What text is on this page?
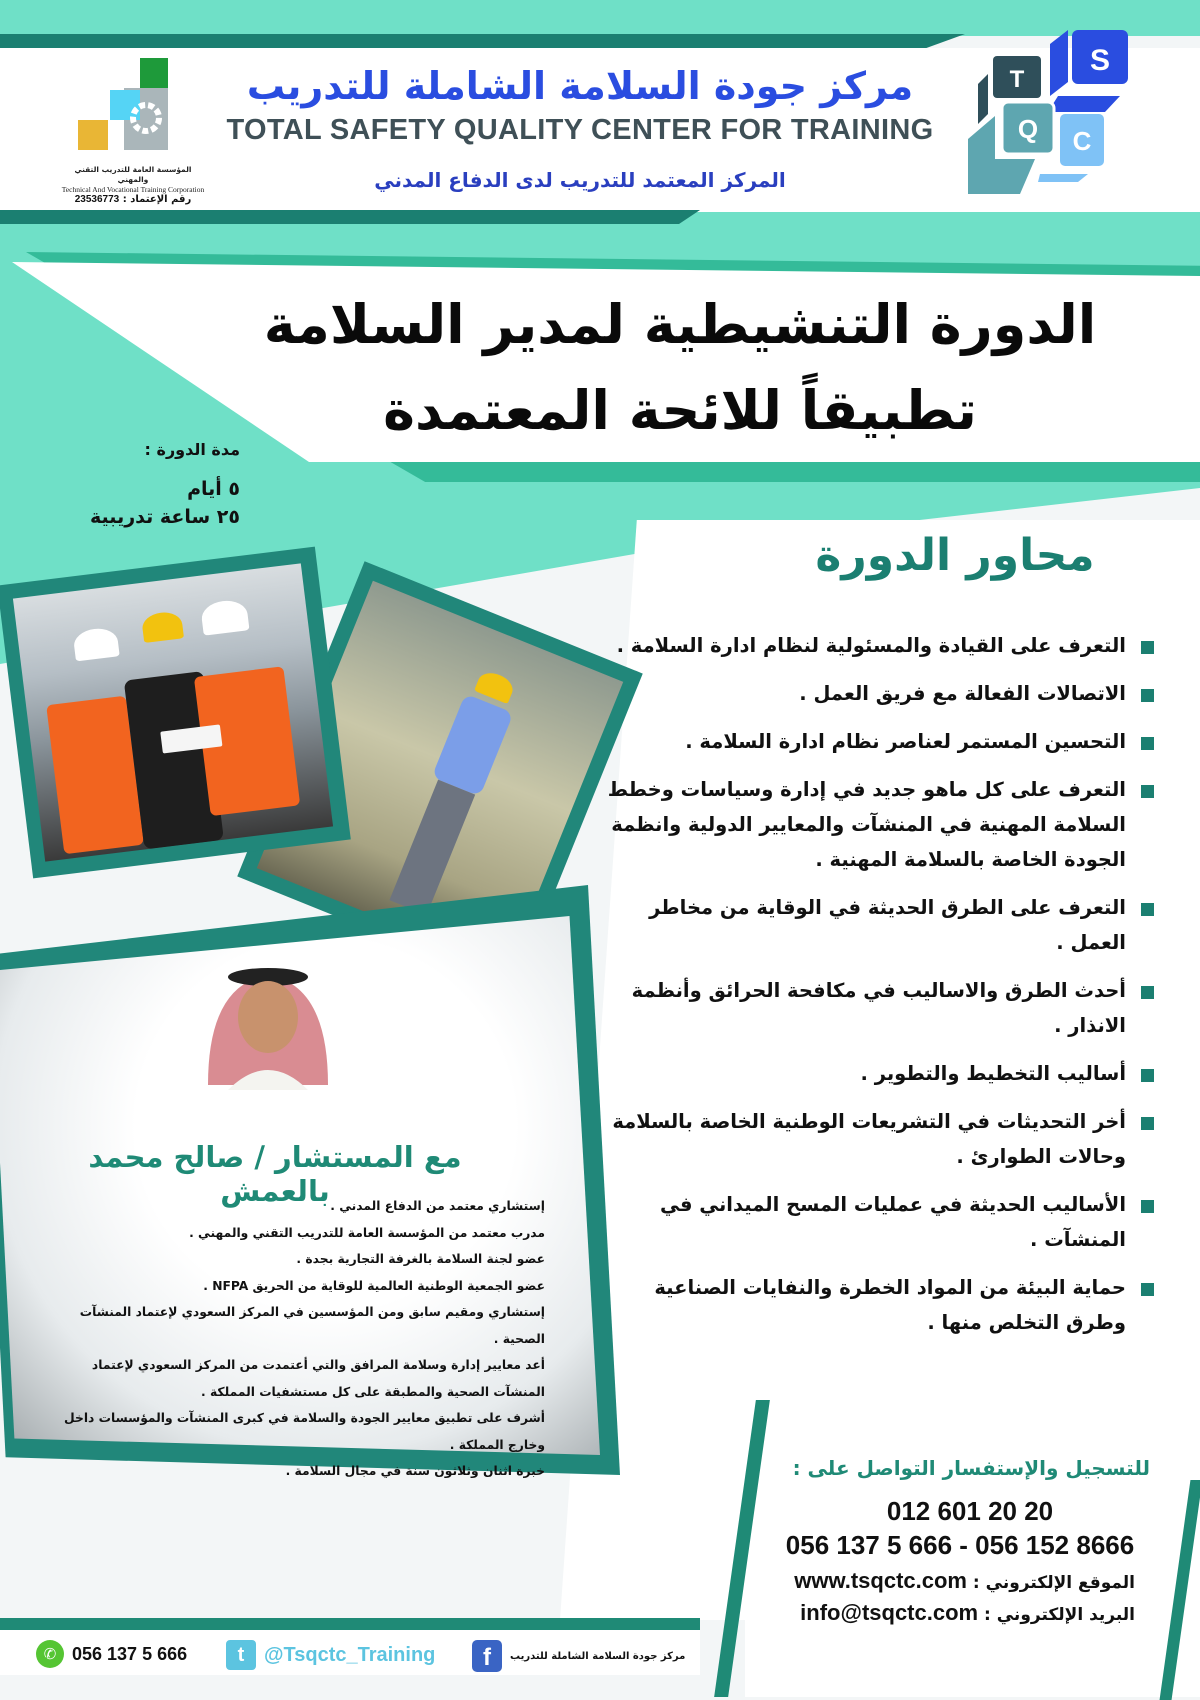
المؤسسة العامة للتدريب التقني والمهني
Technical And Vocational Training Corporation
رقم الإعتماد : 23536773
مركز جودة السلامة الشاملة للتدريب
TOTAL SAFETY QUALITY CENTER FOR TRAINING
المركز المعتمد للتدريب لدى الدفاع المدني
T
S
Q C
الدورة التنشيطية لمدير السلامة
تطبيقاً للائحة المعتمدة
مدة الدورة :
٥ أيام
٢٥ ساعة تدريبية
محاور الدورة
التعرف على القيادة والمسئولية لنظام ادارة السلامة .
الاتصالات الفعالة مع فريق العمل .
التحسين المستمر لعناصر نظام ادارة السلامة .
التعرف على كل ماهو جديد في إدارة وسياسات وخطط السلامة المهنية في المنشآت والمعايير الدولية وانظمة الجودة الخاصة بالسلامة المهنية .
التعرف على الطرق الحديثة في الوقاية من مخاطر العمل .
أحدث الطرق والاساليب في مكافحة الحرائق وأنظمة الانذار .
أساليب التخطيط والتطوير .
أخر التحديثات في التشريعات الوطنية الخاصة بالسلامة وحالات الطوارئ .
الأساليب الحديثة في عمليات المسح الميداني في المنشآت .
حماية البيئة من المواد الخطرة والنفايات الصناعية وطرق التخلص منها .
مع المستشار / صالح محمد بالعمش إستشاري معتمد من الدفاع المدني .
مدرب معتمد من المؤسسة العامة للتدريب التقني والمهني .
عضو لجنة السلامة بالغرفة التجارية بجدة .
عضو الجمعية الوطنية العالمية للوقاية من الحريق NFPA .
إستشاري ومقيم سابق ومن المؤسسين في المركز السعودي لإعتماد المنشآت الصحية .
أعد معايير إدارة وسلامة المرافق والتي أعتمدت من المركز السعودي لإعتماد المنشآت الصحية والمطبقة على كل مستشفيات المملكة .
أشرف على تطبيق معايير الجودة والسلامة في كبرى المنشآت والمؤسسات داخل وخارج المملكة .
خبرة اثنان وثلاثون سنة في مجال السلامة .	للتسجيل والإستفسار التواصل على :
012 601 20 20
056 137 5 666 - 056 152 8666
الموقع الإلكتروني : www.tsqctc.com
البريد الإلكتروني : info@tsqctc.com
✆ 056 137 5 666	t @Tsqctc_Training	f	مركز جودة السلامة الشاملة للتدريب
